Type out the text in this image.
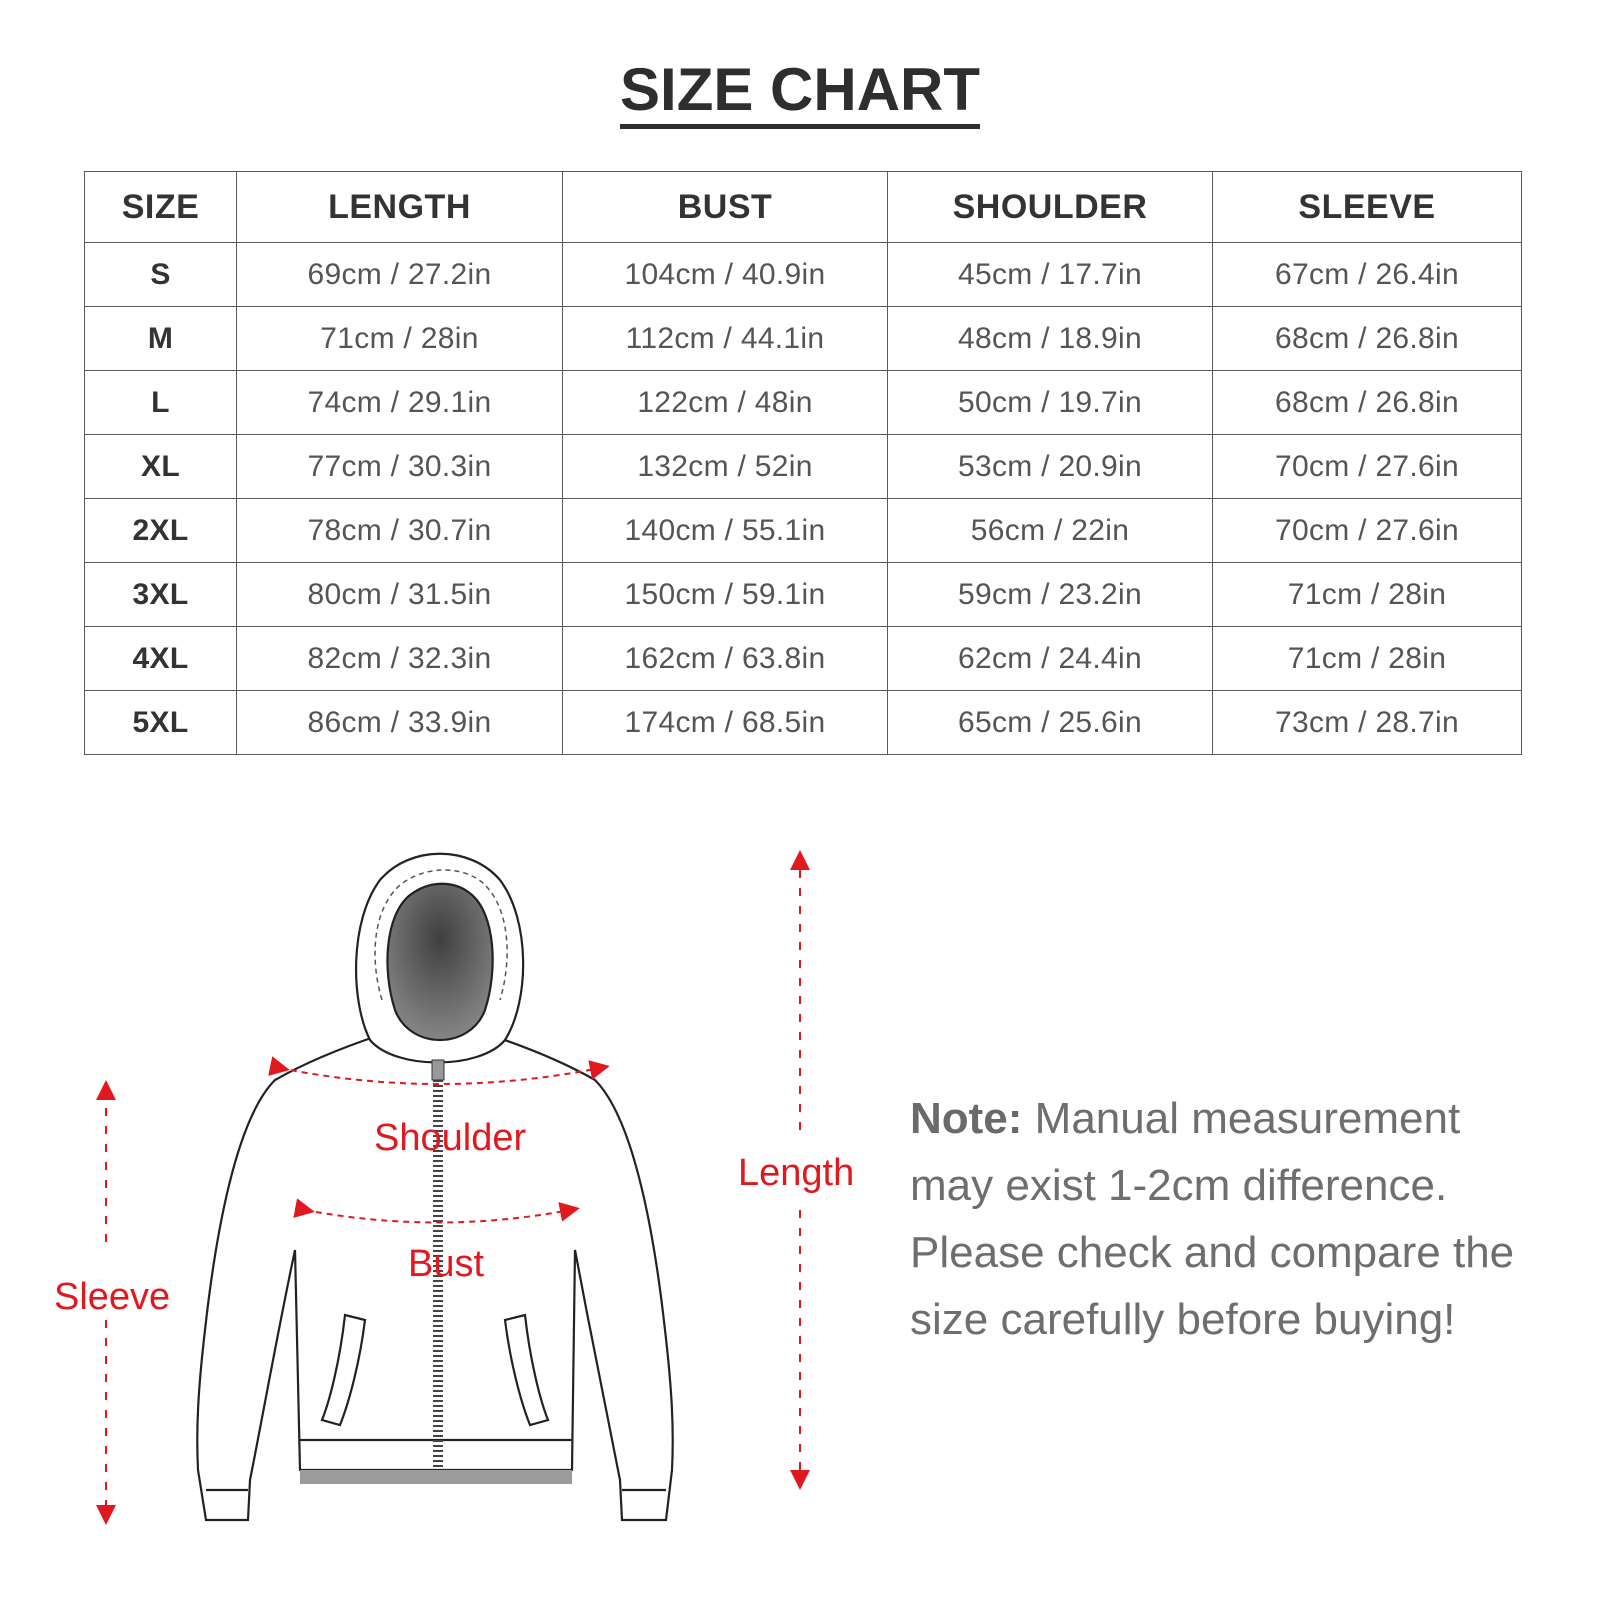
SIZE CHART
SIZE	LENGTH	BUST	SHOULDER	SLEEVE
S	69cm / 27.2in	104cm / 40.9in	45cm / 17.7in	67cm / 26.4in
M	71cm / 28in	112cm / 44.1in	48cm / 18.9in	68cm / 26.8in
L	74cm / 29.1in	122cm / 48in	50cm / 19.7in	68cm / 26.8in
XL	77cm / 30.3in	132cm / 52in	53cm / 20.9in	70cm / 27.6in
2XL	78cm / 30.7in	140cm / 55.1in	56cm / 22in	70cm / 27.6in
3XL	80cm / 31.5in	150cm / 59.1in	59cm / 23.2in	71cm / 28in
4XL	82cm / 32.3in	162cm / 63.8in	62cm / 24.4in	71cm / 28in
5XL	86cm / 33.9in	174cm / 68.5in	65cm / 25.6in	73cm / 28.7in
Shoulder
Bust
Sleeve
Length
Note: Manual measurement may exist 1-2cm difference. Please check and compare the size carefully before buying!
